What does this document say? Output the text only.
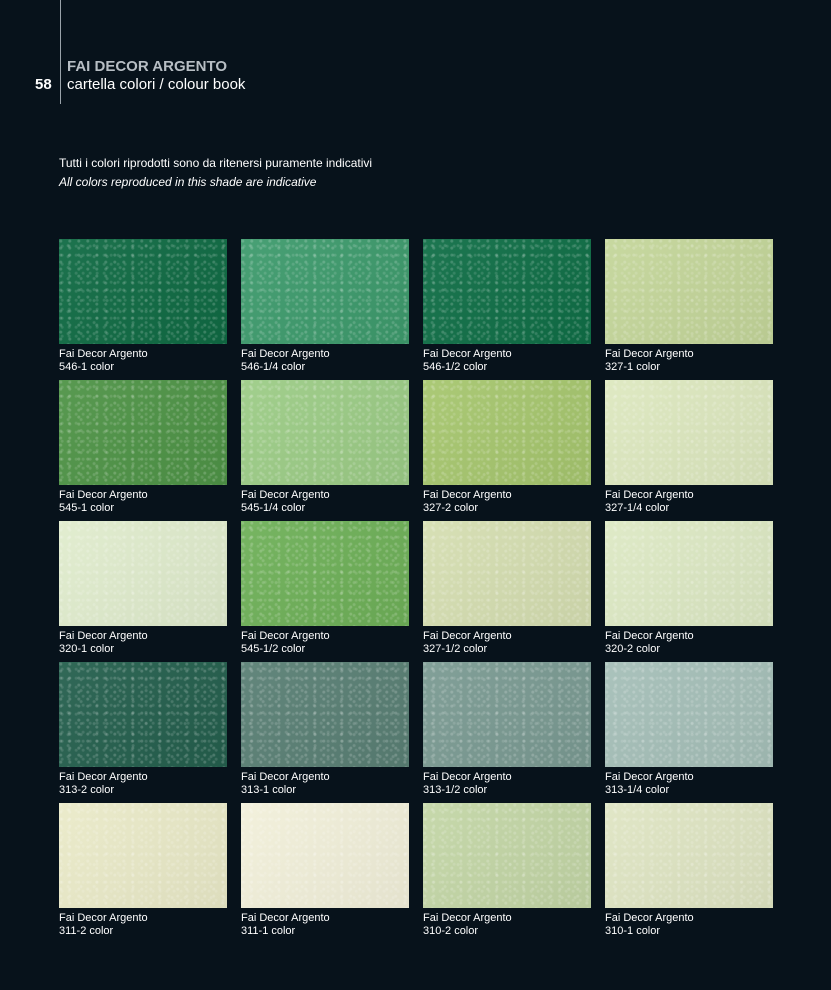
58
FAI DECOR ARGENTO
cartella colori / colour book
Tutti i colori riprodotti sono da ritenersi puramente indicativi
All colors reproduced in this shade are indicative
Fai Decor Argento
546-1 color
Fai Decor Argento
546-1/4 color
Fai Decor Argento
546-1/2 color
Fai Decor Argento
327-1 color
Fai Decor Argento
545-1 color
Fai Decor Argento
545-1/4 color
Fai Decor Argento
327-2 color
Fai Decor Argento
327-1/4 color
Fai Decor Argento
320-1 color
Fai Decor Argento
545-1/2 color
Fai Decor Argento
327-1/2 color
Fai Decor Argento
320-2 color
Fai Decor Argento
313-2 color
Fai Decor Argento
313-1 color
Fai Decor Argento
313-1/2 color
Fai Decor Argento
313-1/4 color
Fai Decor Argento
311-2 color
Fai Decor Argento
311-1 color
Fai Decor Argento
310-2 color
Fai Decor Argento
310-1 color
